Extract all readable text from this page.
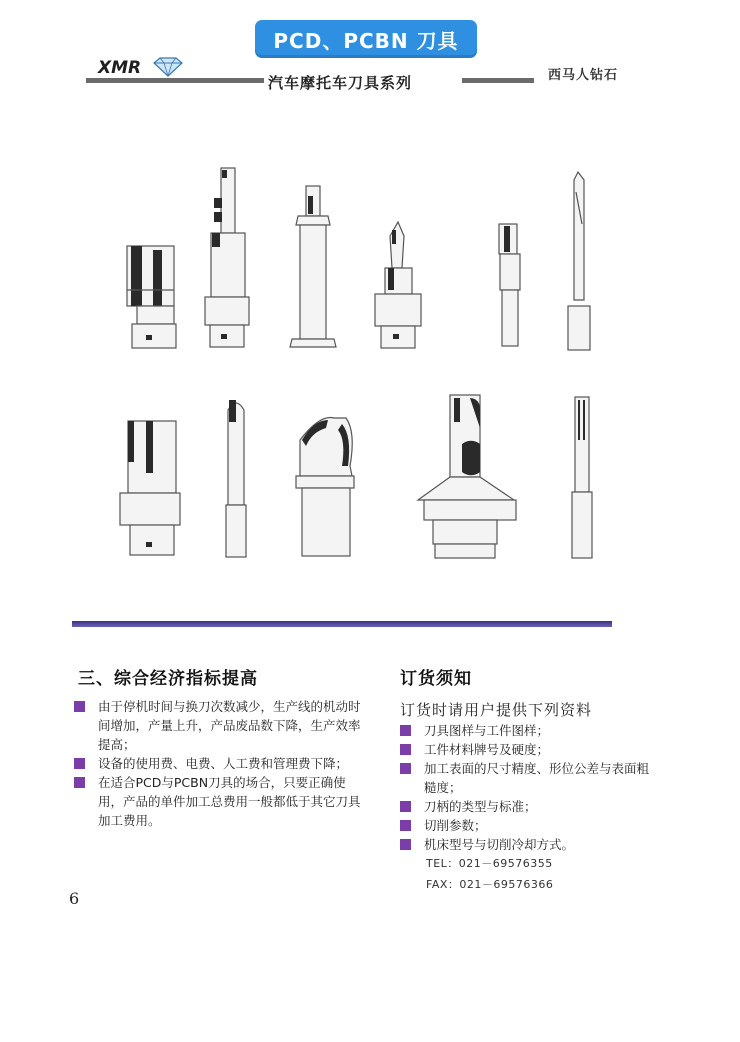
PCD、PCBN 刀具
XMR
汽车摩托车刀具系列	西马人钻石
三、综合经济指标提高
由于停机时间与换刀次数减少，生产线的机动时间增加，产量上升，产品废品数下降，生产效率提高；
设备的使用费、电费、人工费和管理费下降；
在适合PCD与PCBN刀具的场合，只要正确使用，产品的单件加工总费用一般都低于其它刀具加工费用。
订货须知
订货时请用户提供下列资料
刀具图样与工件图样；
工件材料牌号及硬度；
加工表面的尺寸精度、形位公差与表面粗糙度；
刀柄的类型与标准；
切削参数；
机床型号与切削冷却方式。
TEL：021－69576355
FAX：021－69576366
6
